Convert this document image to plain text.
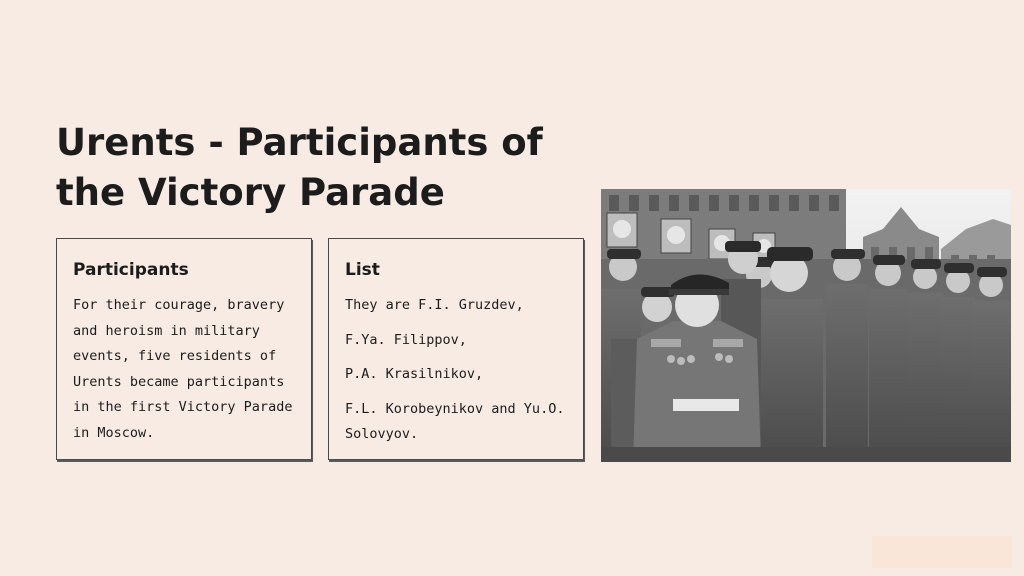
Urents - Participants of the Victory Parade
Participants
For their courage, bravery and heroism in military events, five residents of Urents became participants in the first Victory Parade in Moscow.
List
They are F.I. Gruzdev,
F.Ya. Filippov,
P.A. Krasilnikov,
F.L. Korobeynikov and Yu.O. Solovyov.
